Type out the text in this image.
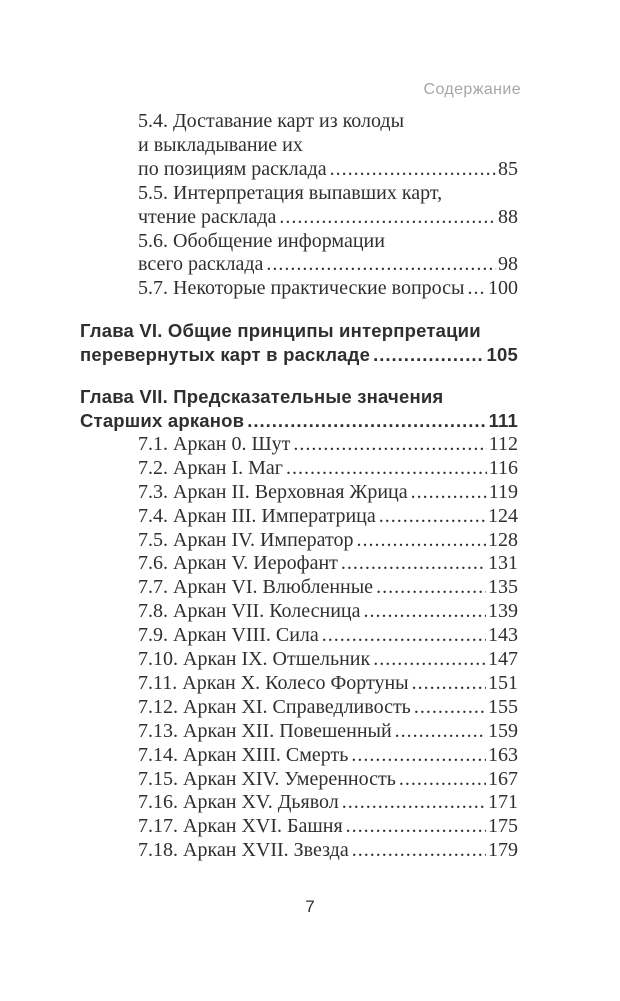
Содержание
5.4. Доставание карт из колоды
и выкладывание их
по позициям расклада .....	85
5.5. Интерпретация выпавших карт,
чтение расклада .....	88
5.6. Обобщение информации
всего расклада .....	98
5.7. Некоторые практические вопросы ..... 100
Глава VI. Общие принципы интерпретации
перевернутых карт в раскладе .....	105
Глава VII. Предсказательные значения
Старших арканов .....	111
7.1. Аркан 0. Шут .....	112
7.2. Аркан I. Маг .....	116
7.3. Аркан II. Верховная Жрица .....	119
7.4. Аркан III. Императрица .....	124
7.5. Аркан IV. Император .....	128
7.6. Аркан V. Иерофант .....	131
7.7. Аркан VI. Влюбленные .....	135
7.8. Аркан VII. Колесница .....	139
7.9. Аркан VIII. Сила .....	143
7.10. Аркан IX. Отшельник .....	147
7.11. Аркан X. Колесо Фортуны .....	151
7.12. Аркан XI. Справедливость .....	155
7.13. Аркан XII. Повешенный .....	159
7.14. Аркан XIII. Смерть .....	163
7.15. Аркан XIV. Умеренность .....	167
7.16. Аркан XV. Дьявол .....	171
7.17. Аркан XVI. Башня .....	175
7.18. Аркан XVII. Звезда .....	179
7
